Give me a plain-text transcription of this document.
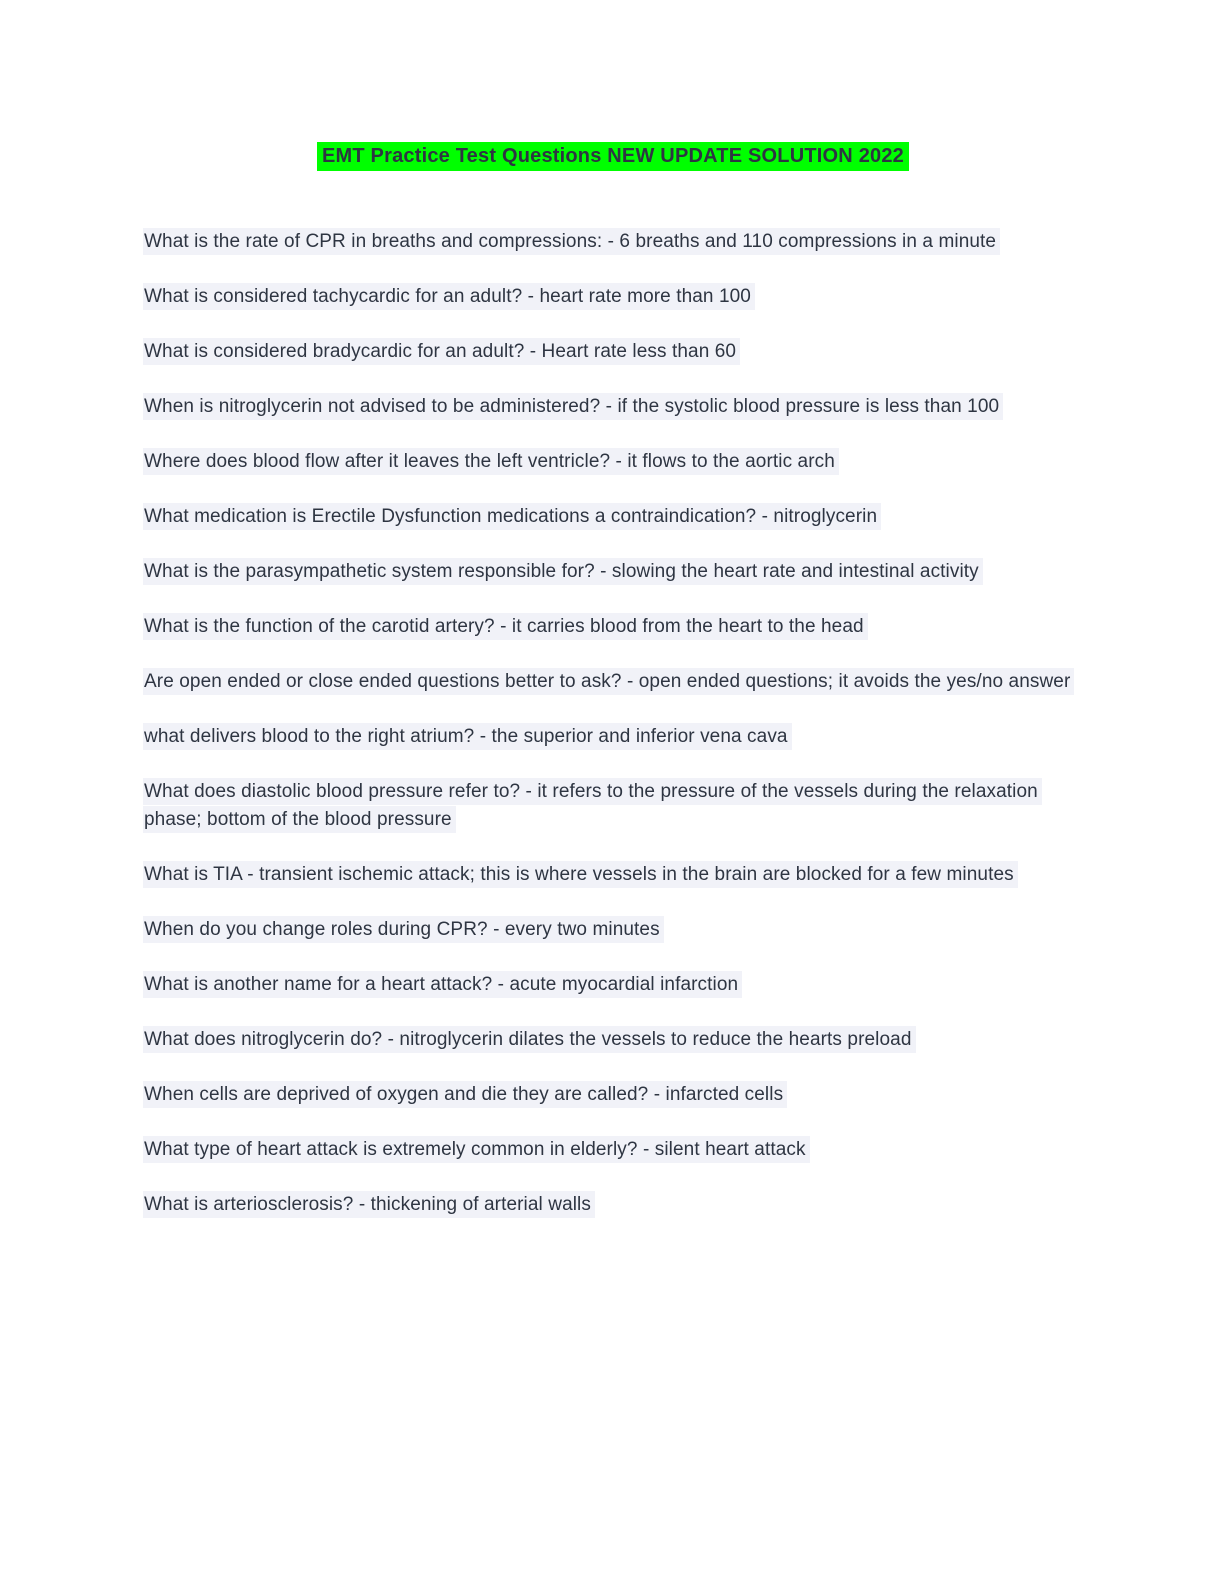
EMT Practice Test Questions NEW UPDATE SOLUTION 2022

What is the rate of CPR in breaths and compressions: - 6 breaths and 110 compressions in a minute

What is considered tachycardic for an adult? - heart rate more than 100

What is considered bradycardic for an adult? - Heart rate less than 60

When is nitroglycerin not advised to be administered? - if the systolic blood pressure is less than 100

Where does blood flow after it leaves the left ventricle? - it flows to the aortic arch

What medication is Erectile Dysfunction medications a contraindication? - nitroglycerin

What is the parasympathetic system responsible for? - slowing the heart rate and intestinal activity

What is the function of the carotid artery? - it carries blood from the heart to the head

Are open ended or close ended questions better to ask? - open ended questions; it avoids the yes/no answer

what delivers blood to the right atrium? - the superior and inferior vena cava

What does diastolic blood pressure refer to? - it refers to the pressure of the vessels during the relaxation phase; bottom of the blood pressure

What is TIA - transient ischemic attack; this is where vessels in the brain are blocked for a few minutes

When do you change roles during CPR? - every two minutes

What is another name for a heart attack? - acute myocardial infarction

What does nitroglycerin do? - nitroglycerin dilates the vessels to reduce the hearts preload

When cells are deprived of oxygen and die they are called? - infarcted cells

What type of heart attack is extremely common in elderly? - silent heart attack

What is arteriosclerosis? - thickening of arterial walls
